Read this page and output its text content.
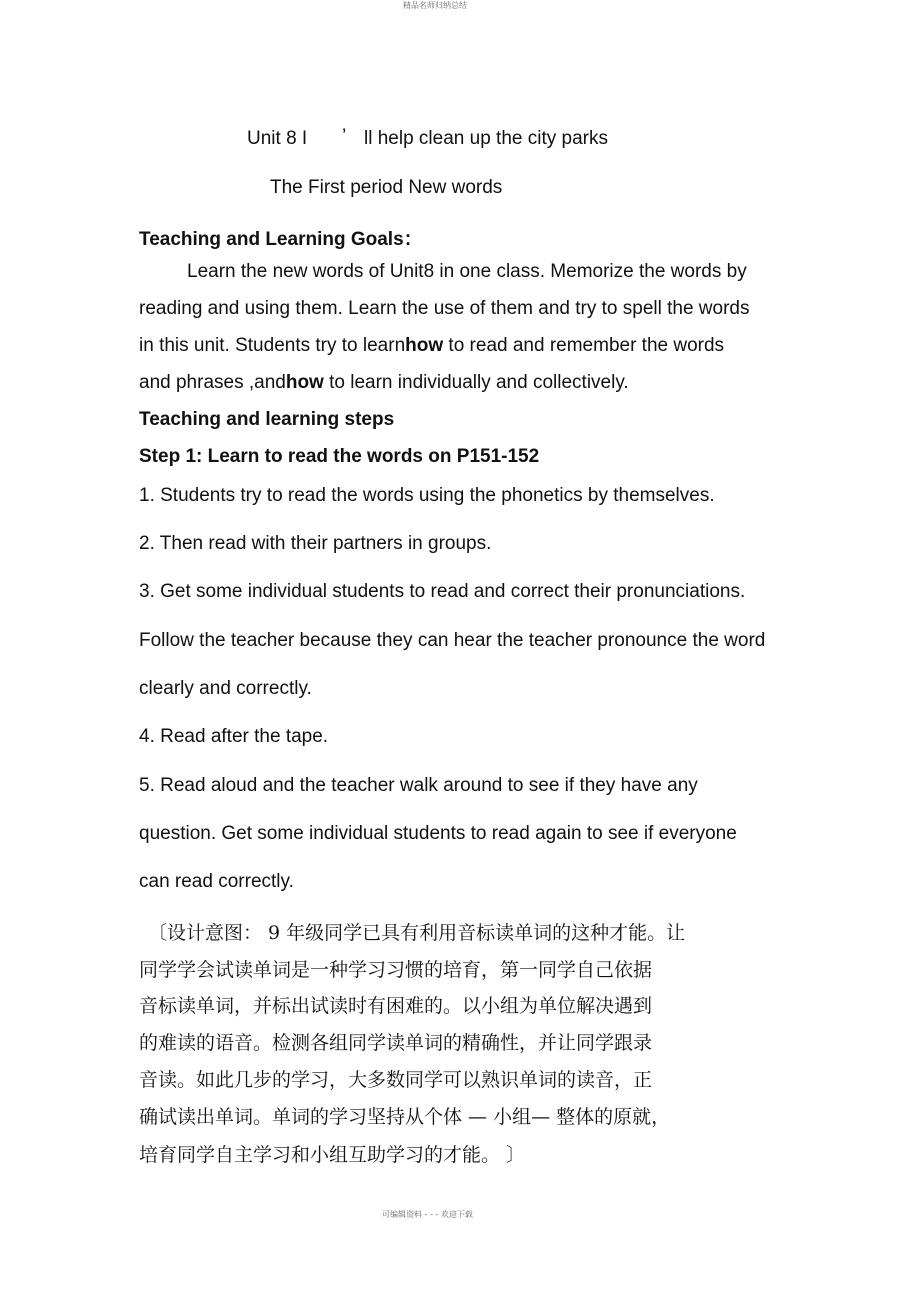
精品名师归纳总结
Unit 8 I ’ ll help clean up the city parks
The First period New words
Teaching and Learning Goals：
Learn the new words of Unit8 in one class. Memorize the words by
reading and using them. Learn the use of them and try to spell the words
in this unit. Students try to learnhow to read and remember the words
and phrases ,andhow to learn individually and collectively.
Teaching and learning steps
Step 1: Learn to read the words on P151-152
1. Students try to read the words using the phonetics by themselves.
2. Then read with their partners in groups.
3. Get some individual students to read and correct their pronunciations.
Follow the teacher because they can hear the teacher pronounce the word
clearly and correctly.
4. Read after the tape.
5. Read aloud and the teacher walk around to see if they have any
question. Get some individual students to read again to see if everyone
can read correctly.
〔设计意图： 9 年级同学已具有利用音标读单词的这种才能。让
同学学会试读单词是一种学习习惯的培育，第一同学自己依据
音标读单词，并标出试读时有困难的。以小组为单位解决遇到
的难读的语音。检测各组同学读单词的精确性，并让同学跟录
音读。如此几步的学习，大多数同学可以熟识单词的读音，正
确试读出单词。单词的学习坚持从个体 — 小组— 整体的原就，
培育同学自主学习和小组互助学习的才能。 〕
可编辑资料 - - - 欢迎下载
